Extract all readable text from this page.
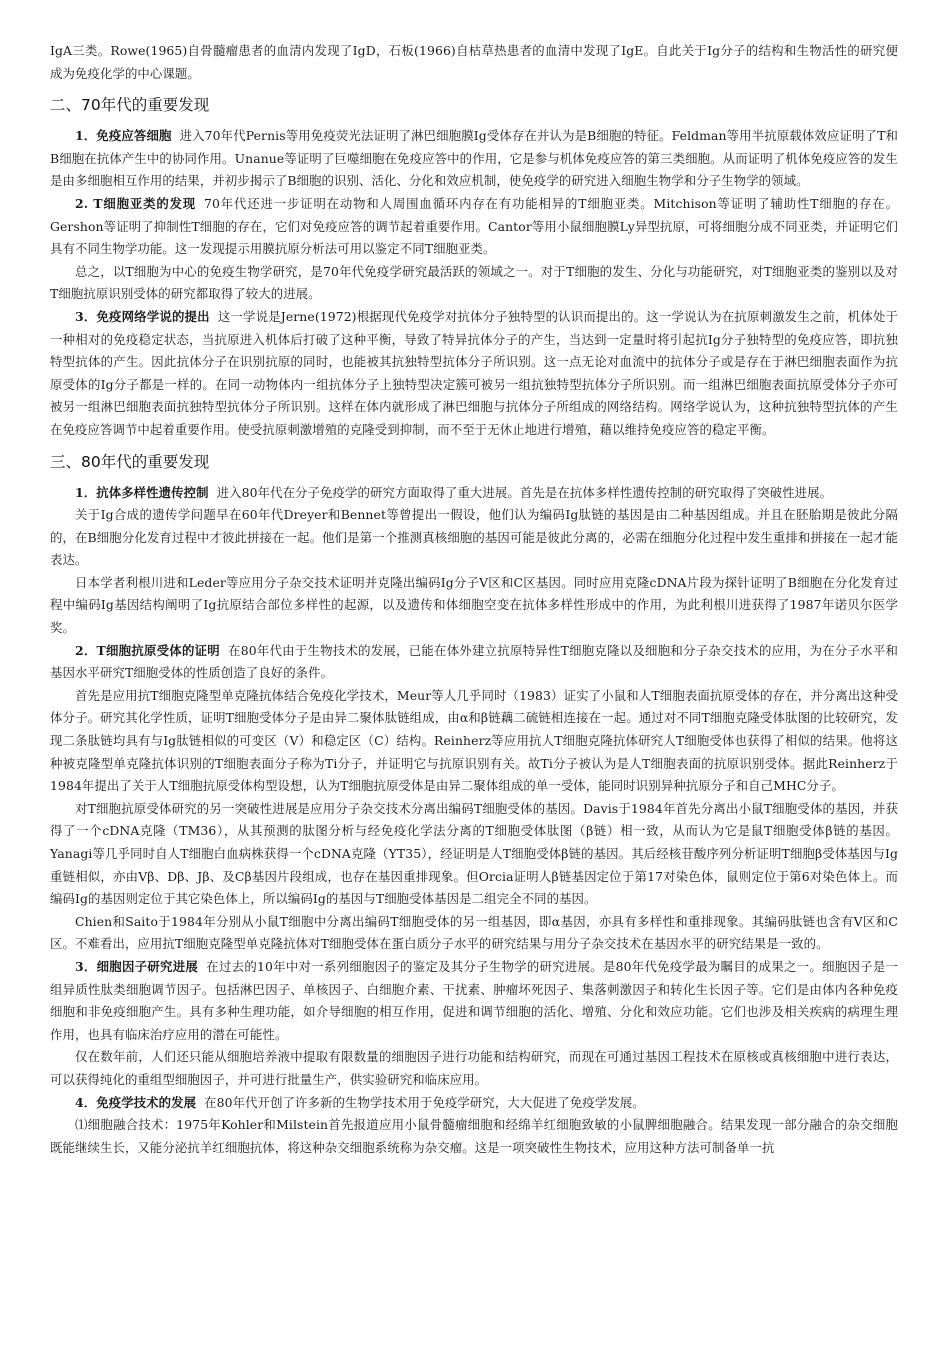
IgA三类。Rowe(1965)自骨髓瘤患者的血清内发现了IgD，石板(1966)自枯草热患者的血清中发现了IgE。自此关于Ig分子的结构和生物活性的研究便成为免疫化学的中心课题。

二、70年代的重要发现

1．免疫应答细胞 进入70年代Pernis等用免疫荧光法证明了淋巴细胞膜Ig受体存在并认为是B细胞的特征。Feldman等用半抗原载体效应证明了T和B细胞在抗体产生中的协同作用。Unanue等证明了巨噬细胞在免疫应答中的作用，它是参与机体免疫应答的第三类细胞。从而证明了机体免疫应答的发生是由多细胞相互作用的结果，并初步揭示了B细胞的识别、活化、分化和效应机制，使免疫学的研究进入细胞生物学和分子生物学的领域。

2. T细胞亚类的发现 70年代还进一步证明在动物和人周围血循环内存在有功能相异的T细胞亚类。Mitchison等证明了辅助性T细胞的存在。Gershon等证明了抑制性T细胞的存在，它们对免疫应答的调节起着重要作用。Cantor等用小鼠细胞膜Ly异型抗原，可将细胞分成不同亚类，并证明它们具有不同生物学功能。这一发现提示用膜抗原分析法可用以鉴定不同T细胞亚类。

总之，以T细胞为中心的免疫生物学研究，是70年代免疫学研究最活跃的领域之一。对于T细胞的发生、分化与功能研究，对T细胞亚类的鉴别以及对T细胞抗原识别受体的研究都取得了较大的进展。

3．免疫网络学说的提出 这一学说是Jerne(1972)根据现代免疫学对抗体分子独特型的认识而提出的。这一学说认为在抗原刺激发生之前，机体处于一种相对的免疫稳定状态，当抗原进入机体后打破了这种平衡，导致了特异抗体分子的产生，当达到一定量时将引起抗Ig分子独特型的免疫应答，即抗独特型抗体的产生。因此抗体分子在识别抗原的同时，也能被其抗独特型抗体分子所识别。这一点无论对血流中的抗体分子或是存在于淋巴细胞表面作为抗原受体的Ig分子都是一样的。在同一动物体内一组抗体分子上独特型决定簇可被另一组抗独特型抗体分子所识别。而一组淋巴细胞表面抗原受体分子亦可被另一组淋巴细胞表面抗独特型抗体分子所识别。这样在体内就形成了淋巴细胞与抗体分子所组成的网络结构。网络学说认为，这种抗独特型抗体的产生在免疫应答调节中起着重要作用。使受抗原刺激增殖的克隆受到抑制，而不至于无休止地进行增殖，藉以维持免疫应答的稳定平衡。

三、80年代的重要发现

1．抗体多样性遗传控制 进入80年代在分子免疫学的研究方面取得了重大进展。首先是在抗体多样性遗传控制的研究取得了突破性进展。

关于Ig合成的遗传学问题早在60年代Dreyer和Bennet等曾提出一假设，他们认为编码Ig肽链的基因是由二种基因组成。并且在胚胎期是彼此分隔的，在B细胞分化发育过程中才彼此拼接在一起。他们是第一个推测真核细胞的基因可能是彼此分离的，必需在细胞分化过程中发生重排和拼接在一起才能表达。

日本学者利根川进和Leder等应用分子杂交技术证明并克隆出编码Ig分子V区和C区基因。同时应用克隆cDNA片段为探针证明了B细胞在分化发育过程中编码Ig基因结构阐明了Ig抗原结合部位多样性的起源，以及遗传和体细胞空变在抗体多样性形成中的作用，为此利根川进获得了1987年诺贝尔医学奖。

2．T细胞抗原受体的证明 在80年代由于生物技术的发展，已能在体外建立抗原特异性T细胞克隆以及细胞和分子杂交技术的应用，为在分子水平和基因水平研究T细胞受体的性质创造了良好的条件。

首先是应用抗T细胞克隆型单克隆抗体结合免疫化学技术，Meur等人几乎同时（1983）证实了小鼠和人T细胞表面抗原受体的存在，并分离出这种受体分子。研究其化学性质，证明T细胞受体分子是由异二聚体肽链组成，由α和β链藕二硫链相连接在一起。通过对不同T细胞克隆受体肽图的比较研究，发现二条肽链均具有与Ig肽链相似的可变区（V）和稳定区（C）结构。Reinherz等应用抗人T细胞克隆抗体研究人T细胞受体也获得了相似的结果。他将这种被克隆型单克隆抗体识别的T细胞表面分子称为Ti分子，并证明它与抗原识别有关。故Ti分子被认为是人T细胞表面的抗原识别受体。据此Reinherz于1984年提出了关于人T细胞抗原受体构型设想，认为T细胞抗原受体是由异二聚体组成的单一受体，能同时识别异种抗原分子和自己MHC分子。

对T细胞抗原受体研究的另一突破性进展是应用分子杂交技术分离出编码T细胞受体的基因。Davis于1984年首先分离出小鼠T细胞受体的基因，并获得了一个cDNA克隆（TM36），从其预测的肽图分析与经免疫化学法分离的T细胞受体肽图（β链）相一致，从而认为它是鼠T细胞受体β链的基因。Yanagi等几乎同时自人T细胞白血病株获得一个cDNA克隆（YT35），经证明是人T细胞受体β链的基因。其后经核苷酸序列分析证明T细胞β受体基因与Ig重链相似，亦由Vβ、Dβ、Jβ、及Cβ基因片段组成，也存在基因重排现象。但Orcia证明人β链基因定位于第17对染色体，鼠则定位于第6对染色体上。而编码Ig的基因则定位于其它染色体上，所以编码Ig的基因与T细胞受体基因是二组完全不同的基因。

Chien和Saito于1984年分别从小鼠T细胞中分离出编码T细胞受体的另一组基因，即α基因，亦具有多样性和重排现象。其编码肽链也含有V区和C区。不难看出，应用抗T细胞克隆型单克隆抗体对T细胞受体在蛋白质分子水平的研究结果与用分子杂交技术在基因水平的研究结果是一致的。

3．细胞因子研究进展 在过去的10年中对一系列细胞因子的鉴定及其分子生物学的研究进展。是80年代免疫学最为瞩目的成果之一。细胞因子是一组异质性肽类细胞调节因子。包括淋巴因子、单核因子、白细胞介素、干扰素、肿瘤坏死因子、集落刺激因子和转化生长因子等。它们是由体内各种免疫细胞和非免疫细胞产生。具有多种生理功能，如介导细胞的相互作用，促进和调节细胞的活化、增殖、分化和效应功能。它们也涉及相关疾病的病理生理作用，也具有临床治疗应用的潜在可能性。

仅在数年前，人们还只能从细胞培养液中提取有限数量的细胞因子进行功能和结构研究，而现在可通过基因工程技术在原核或真核细胞中进行表达，可以获得纯化的重组型细胞因子，并可进行批量生产，供实验研究和临床应用。

4．免疫学技术的发展 在80年代开创了许多新的生物学技术用于免疫学研究，大大促进了免疫学发展。

⑴细胞融合技术：1975年Kohler和Milstein首先报道应用小鼠骨髓瘤细胞和经绵羊红细胞致敏的小鼠脾细胞融合。结果发现一部分融合的杂交细胞既能继续生长，又能分泌抗羊红细胞抗体，将这种杂交细胞系统称为杂交瘤。这是一项突破性生物技术，应用这种方法可制备单一抗
